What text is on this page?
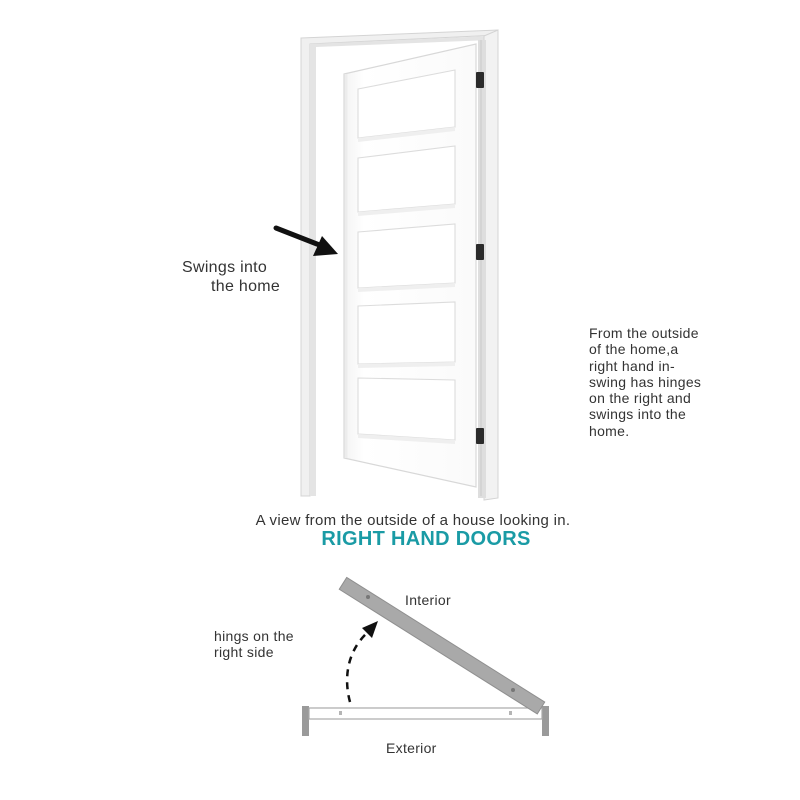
Swings into
the home
From the outside
of the home,a
right hand in-
swing has hinges
on the right and
swings into the
home.
A view from the outside of a house looking in.
RIGHT HAND DOORS
Interior
hings on the
right side
Exterior
